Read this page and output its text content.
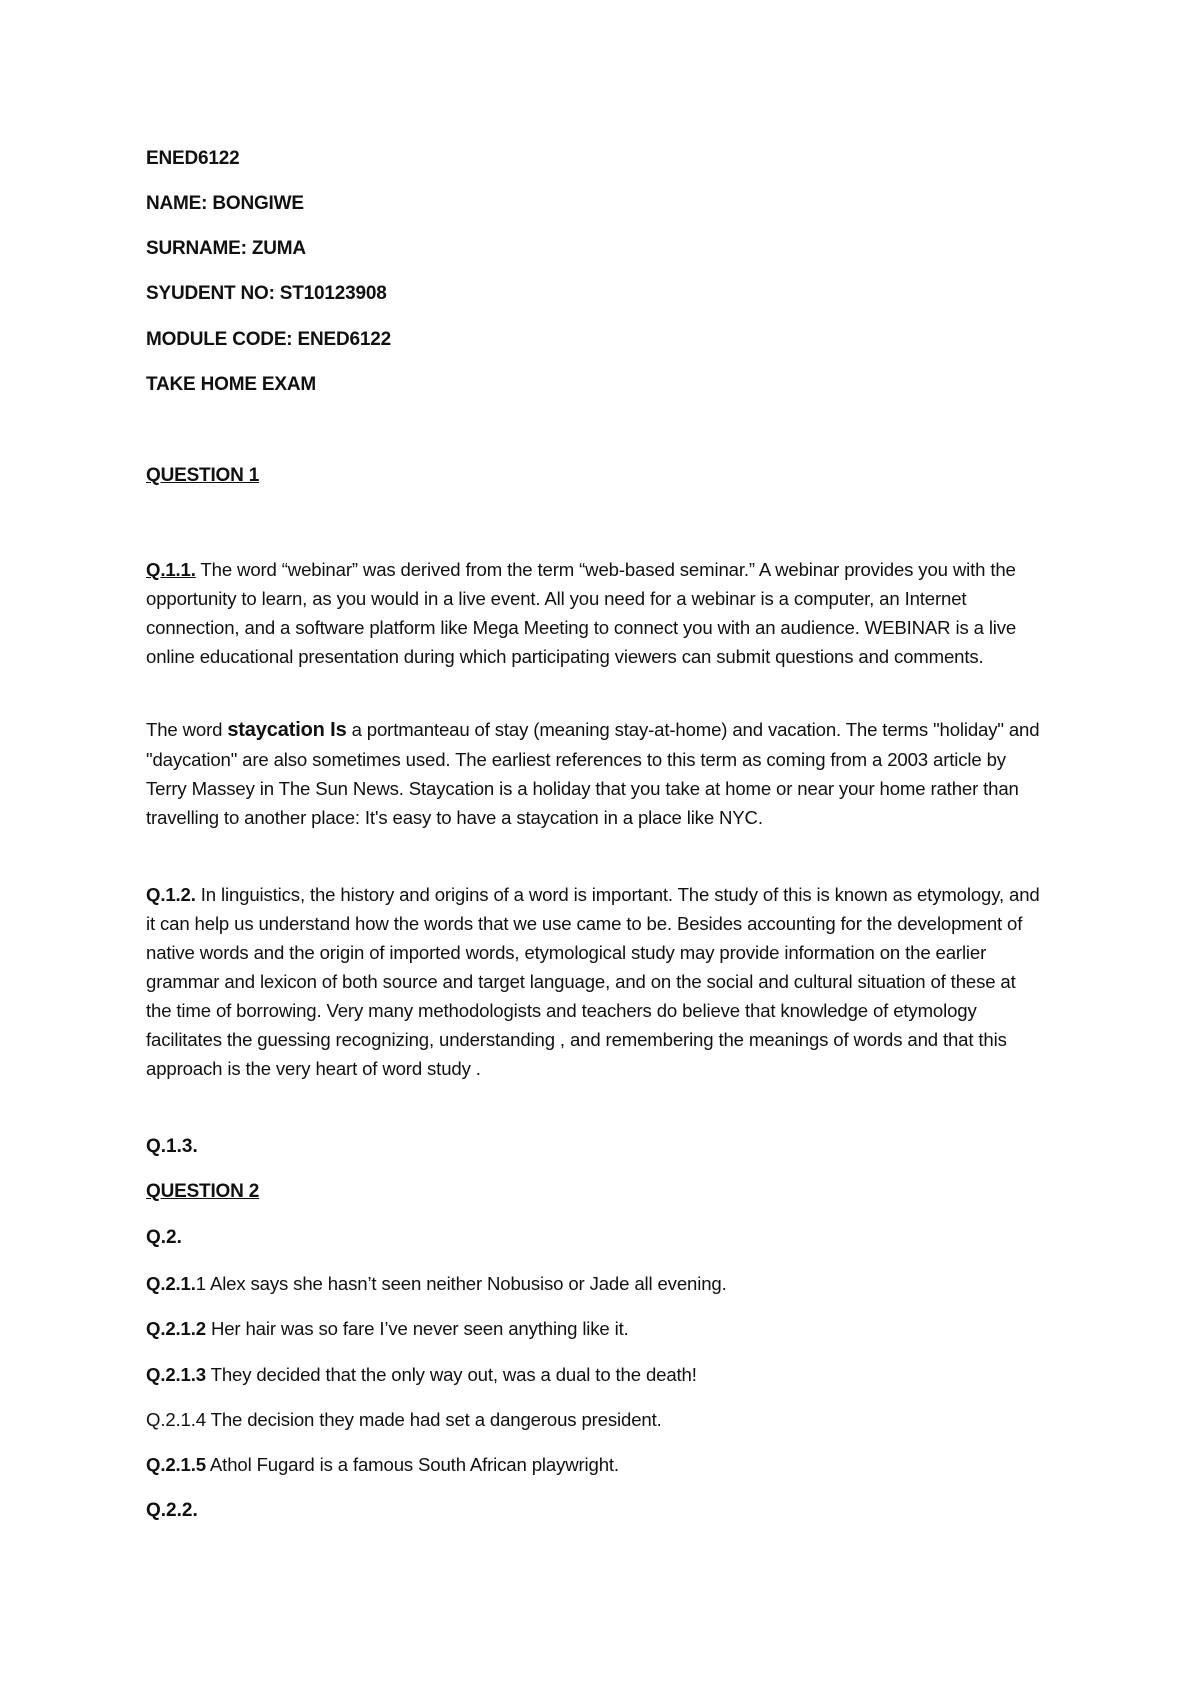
ENED6122
NAME: BONGIWE
SURNAME: ZUMA
SYUDENT NO: ST10123908
MODULE CODE: ENED6122
TAKE HOME EXAM
QUESTION 1
Q.1.1. The word “webinar” was derived from the term “web-based seminar.” A webinar provides you with the opportunity to learn, as you would in a live event. All you need for a webinar is a computer, an Internet connection, and a software platform like Mega Meeting to connect you with an audience. WEBINAR is a live online educational presentation during which participating viewers can submit questions and comments.
The word staycation Is a portmanteau of stay (meaning stay-at-home) and vacation. The terms "holiday" and "daycation" are also sometimes used. The earliest references to this term as coming from a 2003 article by Terry Massey in The Sun News. Staycation is a holiday that you take at home or near your home rather than travelling to another place: It's easy to have a staycation in a place like NYC.
Q.1.2. In linguistics, the history and origins of a word is important. The study of this is known as etymology, and it can help us understand how the words that we use came to be. Besides accounting for the development of native words and the origin of imported words, etymological study may provide information on the earlier grammar and lexicon of both source and target language, and on the social and cultural situation of these at the time of borrowing. Very many methodologists and teachers do believe that knowledge of etymology facilitates the guessing recognizing, understanding , and remembering the meanings of words and that this approach is the very heart of word study .
Q.1.3.
QUESTION 2
Q.2.
Q.2.1.1 Alex says she hasn’t seen neither Nobusiso or Jade all evening.
Q.2.1.2 Her hair was so fare I’ve never seen anything like it.
Q.2.1.3 They decided that the only way out, was a dual to the death!
Q.2.1.4 The decision they made had set a dangerous president.
Q.2.1.5 Athol Fugard is a famous South African playwright.
Q.2.2.
